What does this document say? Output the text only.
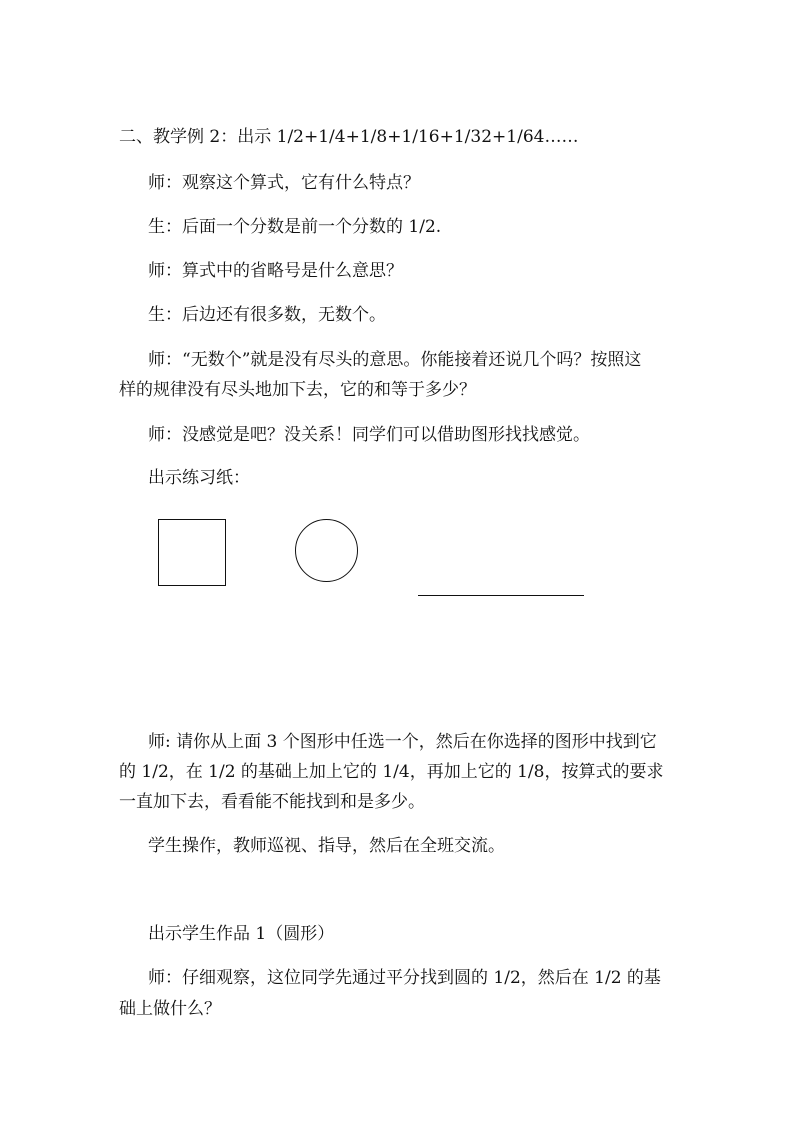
二、教学例 2：出示 1/2+1/4+1/8+1/16+1/32+1/64……
师：观察这个算式，它有什么特点？
生：后面一个分数是前一个分数的 1/2.
师：算式中的省略号是什么意思？
生：后边还有很多数，无数个。
师：“无数个”就是没有尽头的意思。你能接着还说几个吗？按照这
样的规律没有尽头地加下去，它的和等于多少？
师：没感觉是吧？没关系！同学们可以借助图形找找感觉。
出示练习纸：
师: 请你从上面 3 个图形中任选一个，然后在你选择的图形中找到它
的 1/2，在 1/2 的基础上加上它的 1/4，再加上它的 1/8，按算式的要求
一直加下去，看看能不能找到和是多少。
学生操作，教师巡视、指导，然后在全班交流。
出示学生作品 1（圆形）
师：仔细观察，这位同学先通过平分找到圆的 1/2，然后在 1/2 的基
础上做什么？
